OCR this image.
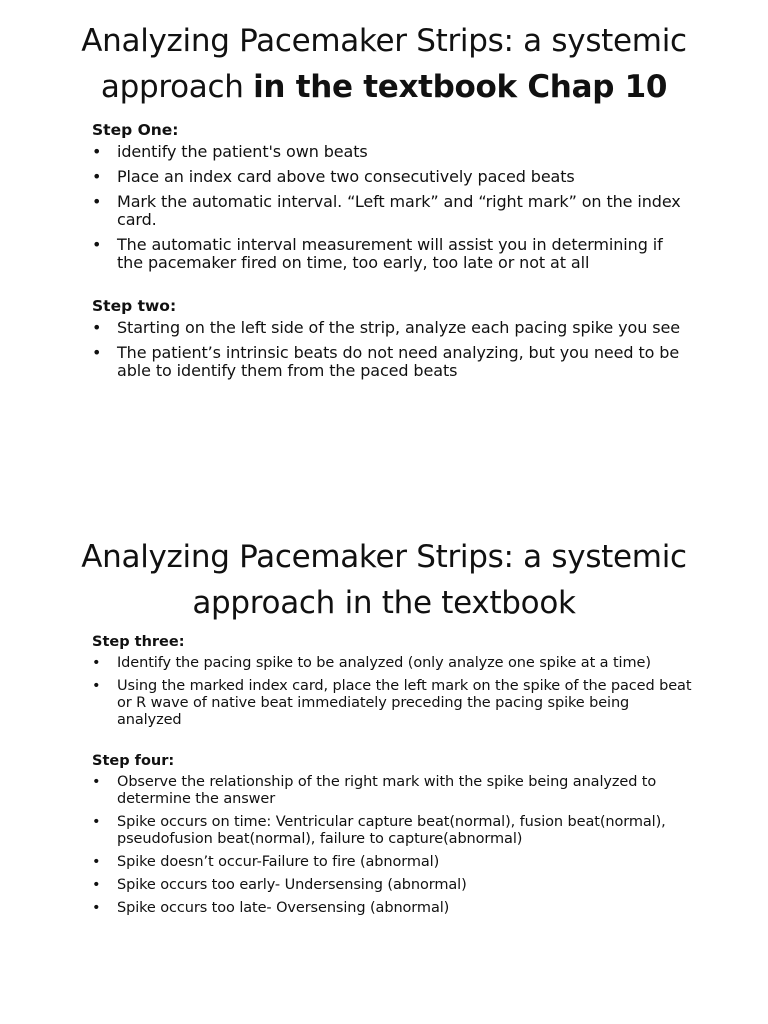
Analyzing Pacemaker Strips: a systemic approach in the textbook Chap 10
Step One:
• identify the patient's own beats
• Place an index card above two consecutively paced beats
• Mark the automatic interval. “Left mark” and “right mark” on the index card.
• The automatic interval measurement will assist you in determining if the pacemaker fired on time, too early, too late or not at all
Step two:
• Starting on the left side of the strip, analyze each pacing spike you see
• The patient’s intrinsic beats do not need analyzing, but you need to be able to identify them from the paced beats
Analyzing Pacemaker Strips: a systemic approach in the textbook
Step three:
• Identify the pacing spike to be analyzed (only analyze one spike at a time)
• Using the marked index card, place the left mark on the spike of the paced beat or R wave of native beat immediately preceding the pacing spike being analyzed
Step four:
• Observe the relationship of the right mark with the spike being analyzed to determine the answer
• Spike occurs on time: Ventricular capture beat(normal), fusion beat(normal), pseudofusion beat(normal), failure to capture(abnormal)
• Spike doesn’t occur-Failure to fire (abnormal)
• Spike occurs too early- Undersensing (abnormal)
• Spike occurs too late- Oversensing (abnormal)
